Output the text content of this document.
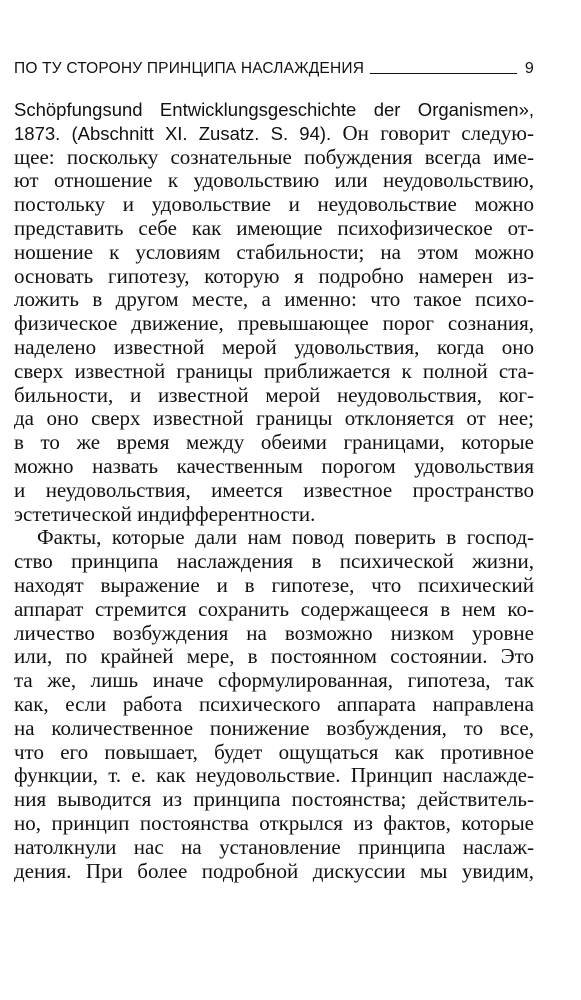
ПО ТУ СТОРОНУ ПРИНЦИПА НАСЛАЖДЕНИЯ	9
Schöpfungsund Entwicklungsgeschichte der Organismen»,
1873. (Abschnitt XI. Zusatz. S. 94). Он говорит следую-
щее: поскольку сознательные побуждения всегда име-
ют отношение к удовольствию или неудовольствию,
постольку и удовольствие и неудовольствие можно
представить себе как имеющие психофизическое от-
ношение к условиям стабильности; на этом можно
основать гипотезу, которую я подробно намерен из-
ложить в другом месте, а именно: что такое психо-
физическое движение, превышающее порог сознания,
наделено известной мерой удовольствия, когда оно
сверх известной границы приближается к полной ста-
бильности, и известной мерой неудовольствия, ког-
да оно сверх известной границы отклоняется от нее;
в то же время между обеими границами, которые
можно назвать качественным порогом удовольствия
и неудовольствия, имеется известное пространство
эстетической индифферентности.
Факты, которые дали нам повод поверить в господ-
ство принципа наслаждения в психической жизни,
находят выражение и в гипотезе, что психический
аппарат стремится сохранить содержащееся в нем ко-
личество возбуждения на возможно низком уровне
или, по крайней мере, в постоянном состоянии. Это
та же, лишь иначе сформулированная, гипотеза, так
как, если работа психического аппарата направлена
на количественное понижение возбуждения, то все,
что его повышает, будет ощущаться как противное
функции, т. е. как неудовольствие. Принцип наслажде-
ния выводится из принципа постоянства; действитель-
но, принцип постоянства открылся из фактов, которые
натолкнули нас на установление принципа наслаж-
дения. При более подробной дискуссии мы увидим,
